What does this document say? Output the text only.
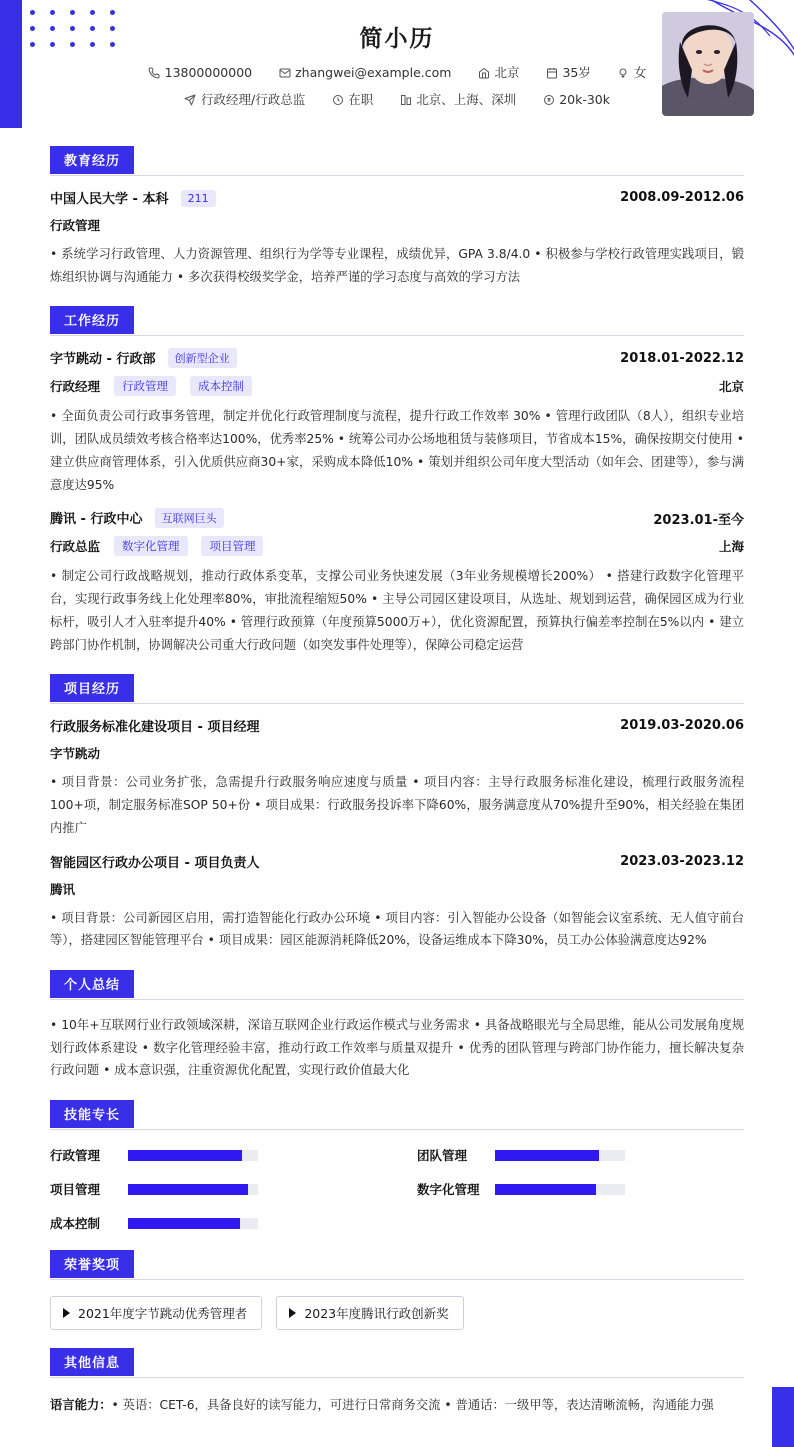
简小历
13800000000	zhangwei@example.com	北京	35岁	女
行政经理/行政总监	在职	北京、上海、深圳	20k-30k
教育经历
中国人民大学 - 本科 211	2008.09-2012.06
行政管理
• 系统学习行政管理、人力资源管理、组织行为学等专业课程，成绩优异，GPA 3.8/4.0 • 积极参与学校行政管理实践项目，锻炼组织协调与沟通能力 • 多次获得校级奖学金，培养严谨的学习态度与高效的学习方法
工作经历
字节跳动 - 行政部 创新型企业	2018.01-2022.12
行政经理 行政管理	成本控制	北京
• 全面负责公司行政事务管理，制定并优化行政管理制度与流程，提升行政工作效率 30% • 管理行政团队（8人），组织专业培训，团队成员绩效考核合格率达100%，优秀率25% • 统筹公司办公场地租赁与装修项目，节省成本15%，确保按期交付使用 • 建立供应商管理体系，引入优质供应商30+家，采购成本降低10% • 策划并组织公司年度大型活动（如年会、团建等），参与满意度达95%
腾讯 - 行政中心 互联网巨头	2023.01-至今
行政总监 数字化管理	项目管理	上海
• 制定公司行政战略规划，推动行政体系变革，支撑公司业务快速发展（3年业务规模增长200%） • 搭建行政数字化管理平台，实现行政事务线上化处理率80%，审批流程缩短50% • 主导公司园区建设项目，从选址、规划到运营，确保园区成为行业标杆，吸引人才入驻率提升40% • 管理行政预算（年度预算5000万+），优化资源配置，预算执行偏差率控制在5%以内 • 建立跨部门协作机制，协调解决公司重大行政问题（如突发事件处理等），保障公司稳定运营
项目经历
行政服务标准化建设项目 - 项目经理	2019.03-2020.06
字节跳动
• 项目背景：公司业务扩张，急需提升行政服务响应速度与质量 • 项目内容：主导行政服务标准化建设，梳理行政服务流程100+项，制定服务标准SOP 50+份 • 项目成果：行政服务投诉率下降60%，服务满意度从70%提升至90%，相关经验在集团内推广
智能园区行政办公项目 - 项目负责人	2023.03-2023.12
腾讯
• 项目背景：公司新园区启用，需打造智能化行政办公环境 • 项目内容：引入智能办公设备（如智能会议室系统、无人值守前台等），搭建园区智能管理平台 • 项目成果：园区能源消耗降低20%，设备运维成本下降30%，员工办公体验满意度达92%
个人总结
• 10年+互联网行业行政领域深耕，深谙互联网企业行政运作模式与业务需求 • 具备战略眼光与全局思维，能从公司发展角度规划行政体系建设 • 数字化管理经验丰富，推动行政工作效率与质量双提升 • 优秀的团队管理与跨部门协作能力，擅长解决复杂行政问题 • 成本意识强，注重资源优化配置，实现行政价值最大化
技能专长
行政管理	团队管理
项目管理	数字化管理
成本控制
荣誉奖项
2021年度字节跳动优秀管理者	2023年度腾讯行政创新奖
其他信息
语言能力：• 英语：CET-6，具备良好的读写能力，可进行日常商务交流 • 普通话：一级甲等，表达清晰流畅，沟通能力强
